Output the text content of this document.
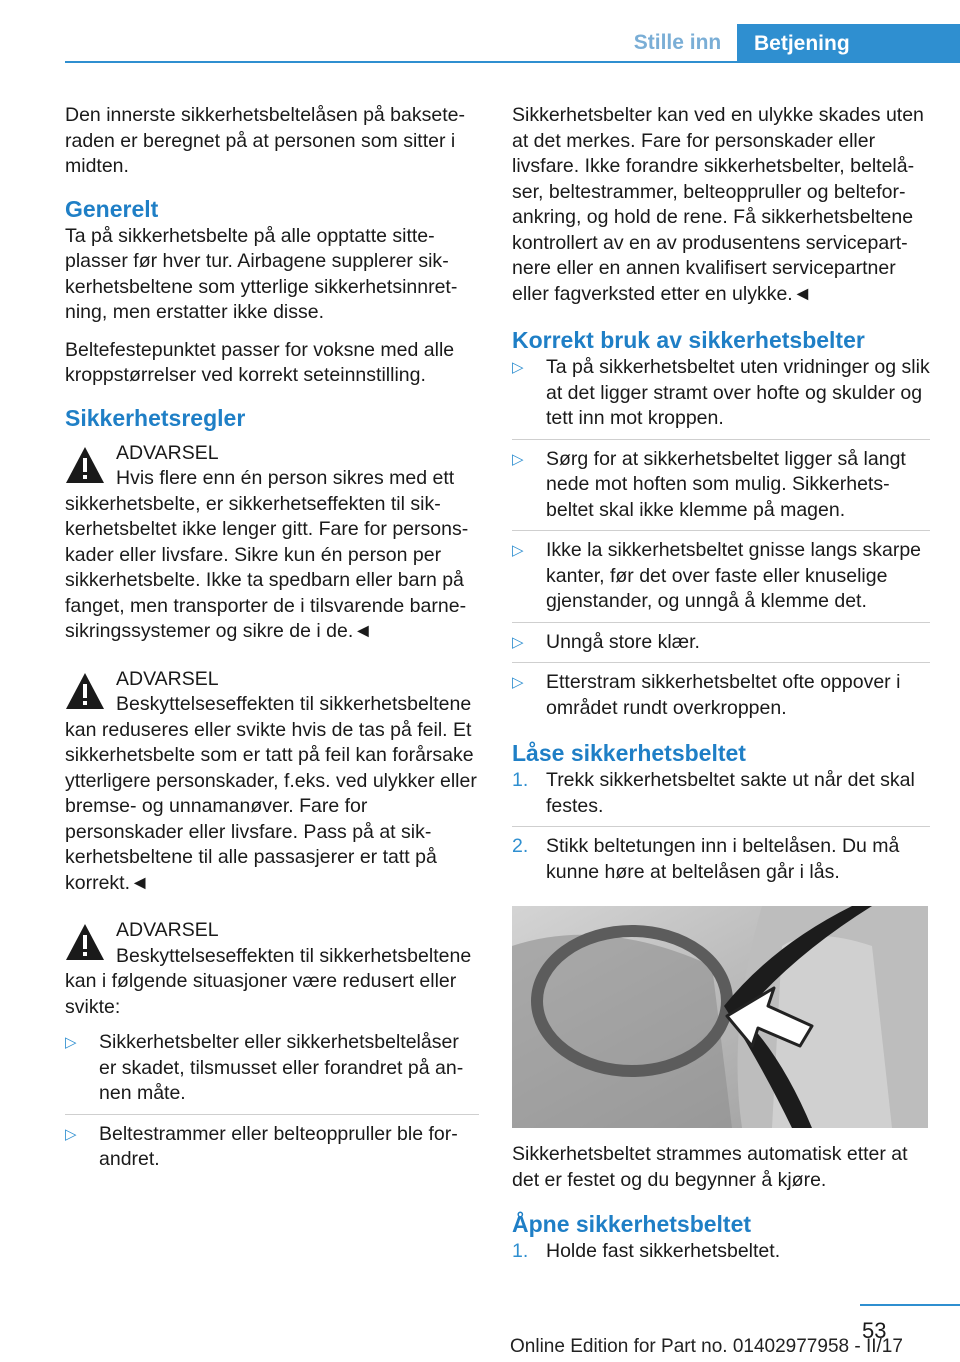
Stille inn	Betjening

Den innerste sikkerhetsbeltelåsen på bakseteraden er beregnet på at personen som sitter i midten.

Generelt

Ta på sikkerhetsbelte på alle opptatte sitteplasser før hver tur. Airbagene supplerer sikkerhetsbeltene som ytterlige sikkerhetsinnretning, men erstatter ikke disse.

Beltefestepunktet passer for voksne med alle kroppstørrelser ved korrekt seteinnstilling.

Sikkerhetsregler
ADVARSEL
Hvis flere enn én person sikres med ett sikkerhetsbelte, er sikkerhetseffekten til sikkerhetsbeltet ikke lenger gitt. Fare for personskader eller livsfare. Sikre kun én person per sikkerhetsbelte. Ikke ta spedbarn eller barn på fanget, men transporter de i tilsvarende barnesikringssystemer og sikre de i de.◄
ADVARSEL
Beskyttelseseffekten til sikkerhetsbeltene kan reduseres eller svikte hvis de tas på feil. Et sikkerhetsbelte som er tatt på feil kan forårsake ytterligere personskader, f.eks. ved ulykker eller bremse- og unnamanøver. Fare for personskader eller livsfare. Pass på at sikkerhetsbeltene til alle passasjerer er tatt på korrekt.◄
ADVARSEL
Beskyttelseseffekten til sikkerhetsbeltene kan i følgende situasjoner være redusert eller svikte:
▷ Sikkerhetsbelter eller sikkerhetsbeltelåser er skadet, tilsmusset eller forandret på annen måte.
▷ Beltestrammer eller belteoppruller ble forandret.

Sikkerhetsbelter kan ved en ulykke skades uten at det merkes. Fare for personskader eller livsfare. Ikke forandre sikkerhetsbelter, beltelåser, beltestrammer, belteoppruller og belteforankring, og hold de rene. Få sikkerhetsbeltene kontrollert av en av produsentens servicepartnere eller en annen kvalifisert servicepartner eller fagverksted etter en ulykke.◄

Korrekt bruk av sikkerhetsbelter
▷ Ta på sikkerhetsbeltet uten vridninger og slik at det ligger stramt over hofte og skulder og tett inn mot kroppen.
▷ Sørg for at sikkerhetsbeltet ligger så langt nede mot hoften som mulig. Sikkerhetsbeltet skal ikke klemme på magen.
▷ Ikke la sikkerhetsbeltet gnisse langs skarpe kanter, før det over faste eller knuselige gjenstander, og unngå å klemme det.
▷ Unngå store klær.
▷ Etterstram sikkerhetsbeltet ofte oppover i området rundt overkroppen.
Låse sikkerhetsbeltet
1. Trekk sikkerhetsbeltet sakte ut når det skal festes.
2. Stikk beltetungen inn i beltelåsen. Du må kunne høre at beltelåsen går i lås.

Sikkerhetsbeltet strammes automatisk etter at det er festet og du begynner å kjøre.

Åpne sikkerhetsbeltet
1. Holde fast sikkerhetsbeltet.
53
Online Edition for Part no. 01402977958 - II/17
